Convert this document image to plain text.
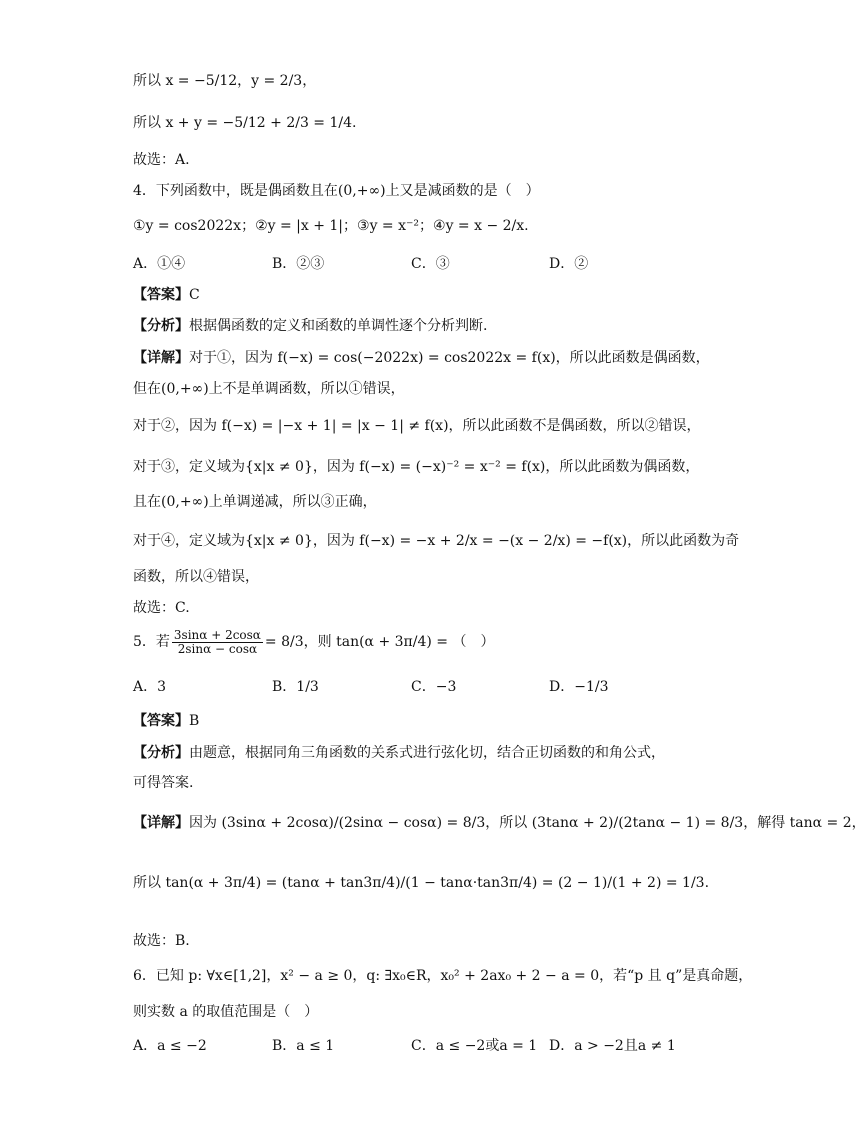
所以 x = −5/12，y = 2/3，
所以 x + y = −5/12 + 2/3 = 1/4.
故选：A.
4．下列函数中，既是偶函数且在(0,+∞)上又是减函数的是（　）
①y = cos2022x；②y = |x + 1|；③y = x⁻²；④y = x − 2/x.
A．①④	B．②③	C．③	D．②
【答案】C
【分析】根据偶函数的定义和函数的单调性逐个分析判断.
【详解】对于①，因为 f(−x) = cos(−2022x) = cos2022x = f(x)，所以此函数是偶函数，
但在(0,+∞)上不是单调函数，所以①错误，
对于②，因为 f(−x) = |−x + 1| = |x − 1| ≠ f(x)，所以此函数不是偶函数，所以②错误，
对于③，定义域为{x|x ≠ 0}，因为 f(−x) = (−x)⁻² = x⁻² = f(x)，所以此函数为偶函数，
且在(0,+∞)上单调递减，所以③正确，
对于④，定义域为{x|x ≠ 0}，因为 f(−x) = −x + 2/x = −(x − 2/x) = −f(x)，所以此函数为奇
函数，所以④错误，
故选：C.
5．若 $\frac{3\sin\alpha + 2\cos\alpha}{2\sin\alpha - \cos\alpha} = 8/3$，则 tan(α + 3π/4) = （　）
A．3	B．1/3	C．−3	D．−1/3
【答案】B
【分析】由题意，根据同角三角函数的关系式进行弦化切，结合正切函数的和角公式，
可得答案.
【详解】因为 (3sinα + 2cosα)/(2sinα − cosα) = 8/3，所以 (3tanα + 2)/(2tanα − 1) = 8/3，解得 tanα = 2，
所以 tan(α + 3π/4) = (tanα + tan3π/4)/(1 − tanα·tan3π/4) = (2 − 1)/(1 + 2) = 1/3.
故选：B.
6．已知 p: ∀x∈[1,2]，x² − a ≥ 0，q: ∃x₀∈R，x₀² + 2ax₀ + 2 − a = 0，若“p 且 q”是真命题，
则实数 a 的取值范围是（　）
A．a ≤ −2	B．a ≤ 1	C．a ≤ −2或a = 1 D．a > −2且a ≠ 1
